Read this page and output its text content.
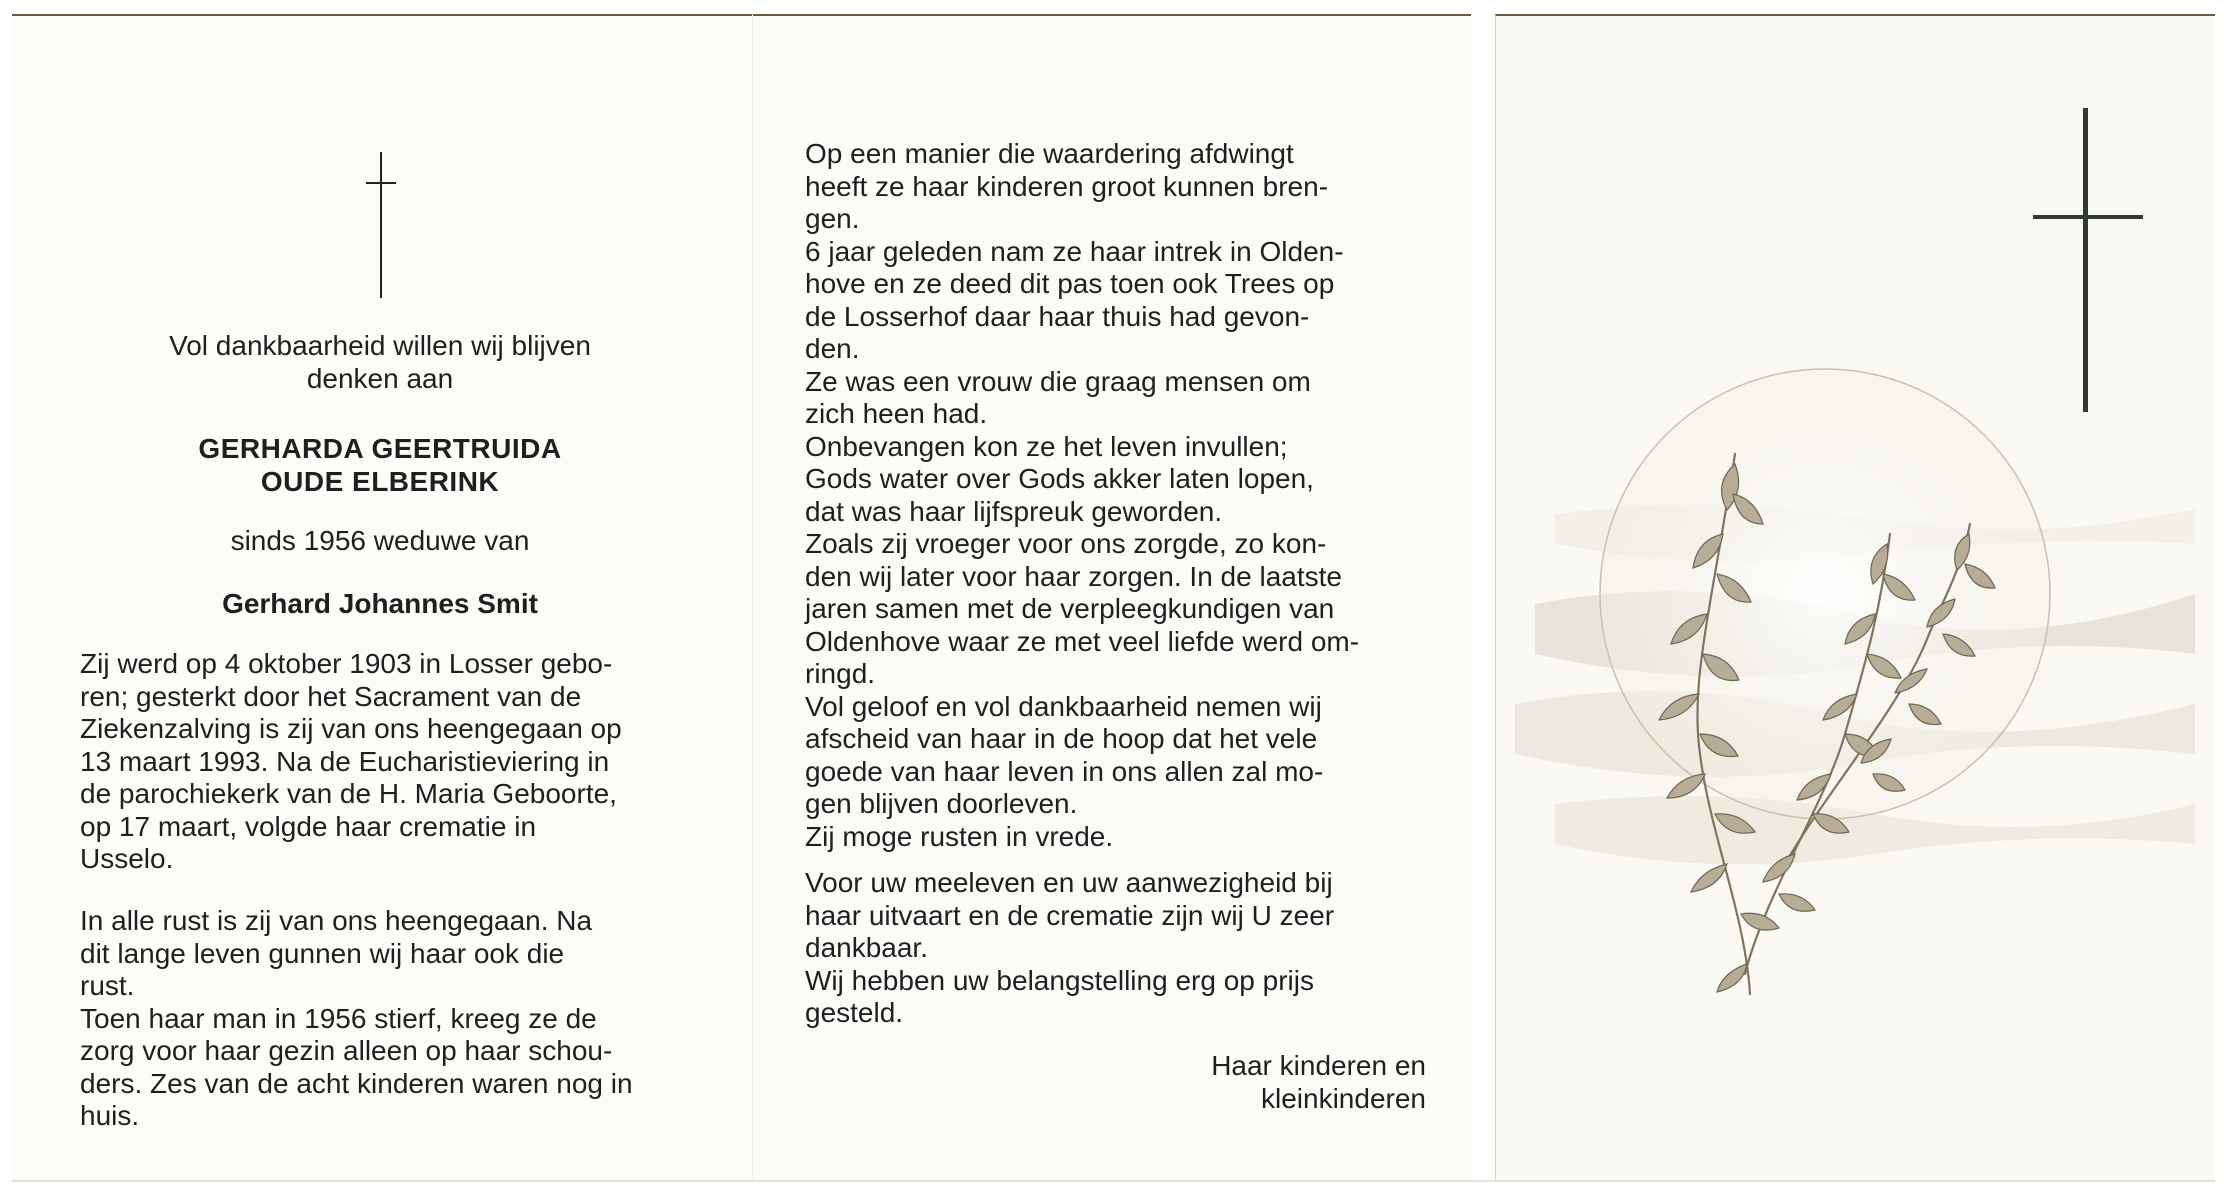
Vol dankbaarheid willen wij blijven
denken aan

GERHARDA GEERTRUIDA
OUDE ELBERINK

sinds 1956 weduwe van

Gerhard Johannes Smit

Zij werd op 4 oktober 1903 in Losser gebo-
ren; gesterkt door het Sacrament van de
Ziekenzalving is zij van ons heengegaan op
13 maart 1993. Na de Eucharistieviering in
de parochiekerk van de H. Maria Geboorte,
op 17 maart, volgde haar crematie in
Usselo.

In alle rust is zij van ons heengegaan. Na
dit lange leven gunnen wij haar ook die
rust.
Toen haar man in 1956 stierf, kreeg ze de
zorg voor haar gezin alleen op haar schou-
ders. Zes van de acht kinderen waren nog in
huis.

Op een manier die waardering afdwingt
heeft ze haar kinderen groot kunnen bren-
gen.
6 jaar geleden nam ze haar intrek in Olden-
hove en ze deed dit pas toen ook Trees op
de Losserhof daar haar thuis had gevon-
den.
Ze was een vrouw die graag mensen om
zich heen had.
Onbevangen kon ze het leven invullen;
Gods water over Gods akker laten lopen,
dat was haar lijfspreuk geworden.
Zoals zij vroeger voor ons zorgde, zo kon-
den wij later voor haar zorgen. In de laatste
jaren samen met de verpleegkundigen van
Oldenhove waar ze met veel liefde werd om-
ringd.
Vol geloof en vol dankbaarheid nemen wij
afscheid van haar in de hoop dat het vele
goede van haar leven in ons allen zal mo-
gen blijven doorleven.
Zij moge rusten in vrede.

Voor uw meeleven en uw aanwezigheid bij
haar uitvaart en de crematie zijn wij U zeer
dankbaar.
Wij hebben uw belangstelling erg op prijs
gesteld.

Haar kinderen en
kleinkinderen
